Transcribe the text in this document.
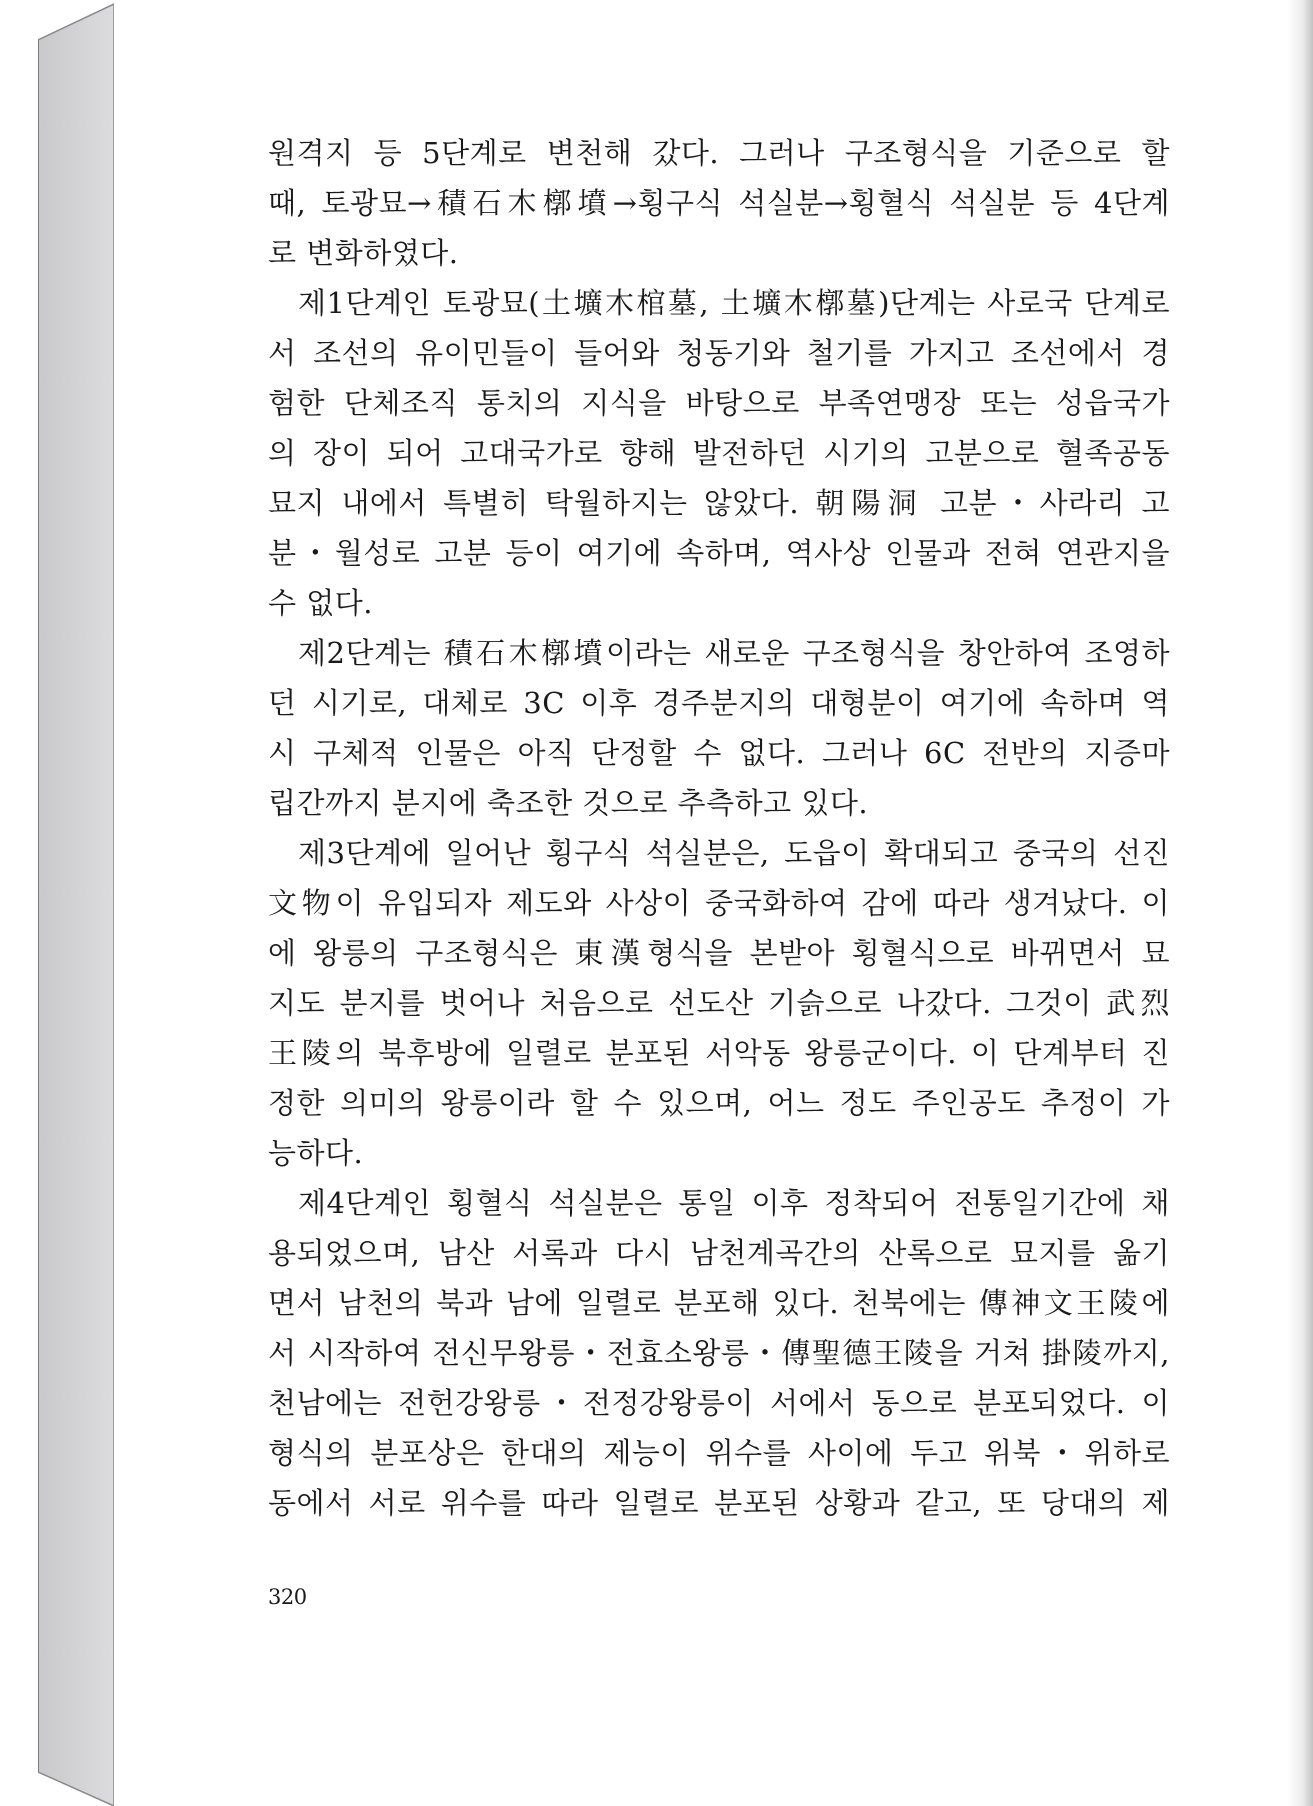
원격지 등 5단계로 변천해 갔다. 그러나 구조형식을 기준으로 할
때, 토광묘→積石木槨墳→횡구식 석실분→횡혈식 석실분 등 4단계
로 변화하였다.

제1단계인 토광묘(土壙木棺墓, 土壙木槨墓)단계는 사로국 단계로
서 조선의 유이민들이 들어와 청동기와 철기를 가지고 조선에서 경
험한 단체조직 통치의 지식을 바탕으로 부족연맹장 또는 성읍국가
의 장이 되어 고대국가로 향해 발전하던 시기의 고분으로 혈족공동
묘지 내에서 특별히 탁월하지는 않았다. 朝陽洞 고분・사라리 고
분・월성로 고분 등이 여기에 속하며, 역사상 인물과 전혀 연관지을
수 없다.

제2단계는 積石木槨墳이라는 새로운 구조형식을 창안하여 조영하
던 시기로, 대체로 3C 이후 경주분지의 대형분이 여기에 속하며 역
시 구체적 인물은 아직 단정할 수 없다. 그러나 6C 전반의 지증마
립간까지 분지에 축조한 것으로 추측하고 있다.

제3단계에 일어난 횡구식 석실분은, 도읍이 확대되고 중국의 선진
文物이 유입되자 제도와 사상이 중국화하여 감에 따라 생겨났다. 이
에 왕릉의 구조형식은 東漢형식을 본받아 횡혈식으로 바뀌면서 묘
지도 분지를 벗어나 처음으로 선도산 기슭으로 나갔다. 그것이 武烈
王陵의 북후방에 일렬로 분포된 서악동 왕릉군이다. 이 단계부터 진
정한 의미의 왕릉이라 할 수 있으며, 어느 정도 주인공도 추정이 가
능하다.

제4단계인 횡혈식 석실분은 통일 이후 정착되어 전통일기간에 채
용되었으며, 남산 서록과 다시 남천계곡간의 산록으로 묘지를 옮기
면서 남천의 북과 남에 일렬로 분포해 있다. 천북에는 傳神文王陵에
서 시작하여 전신무왕릉・전효소왕릉・傳聖德王陵을 거쳐 掛陵까지,
천남에는 전헌강왕릉・전정강왕릉이 서에서 동으로 분포되었다. 이
형식의 분포상은 한대의 제능이 위수를 사이에 두고 위북・위하로
동에서 서로 위수를 따라 일렬로 분포된 상황과 같고, 또 당대의 제

320
